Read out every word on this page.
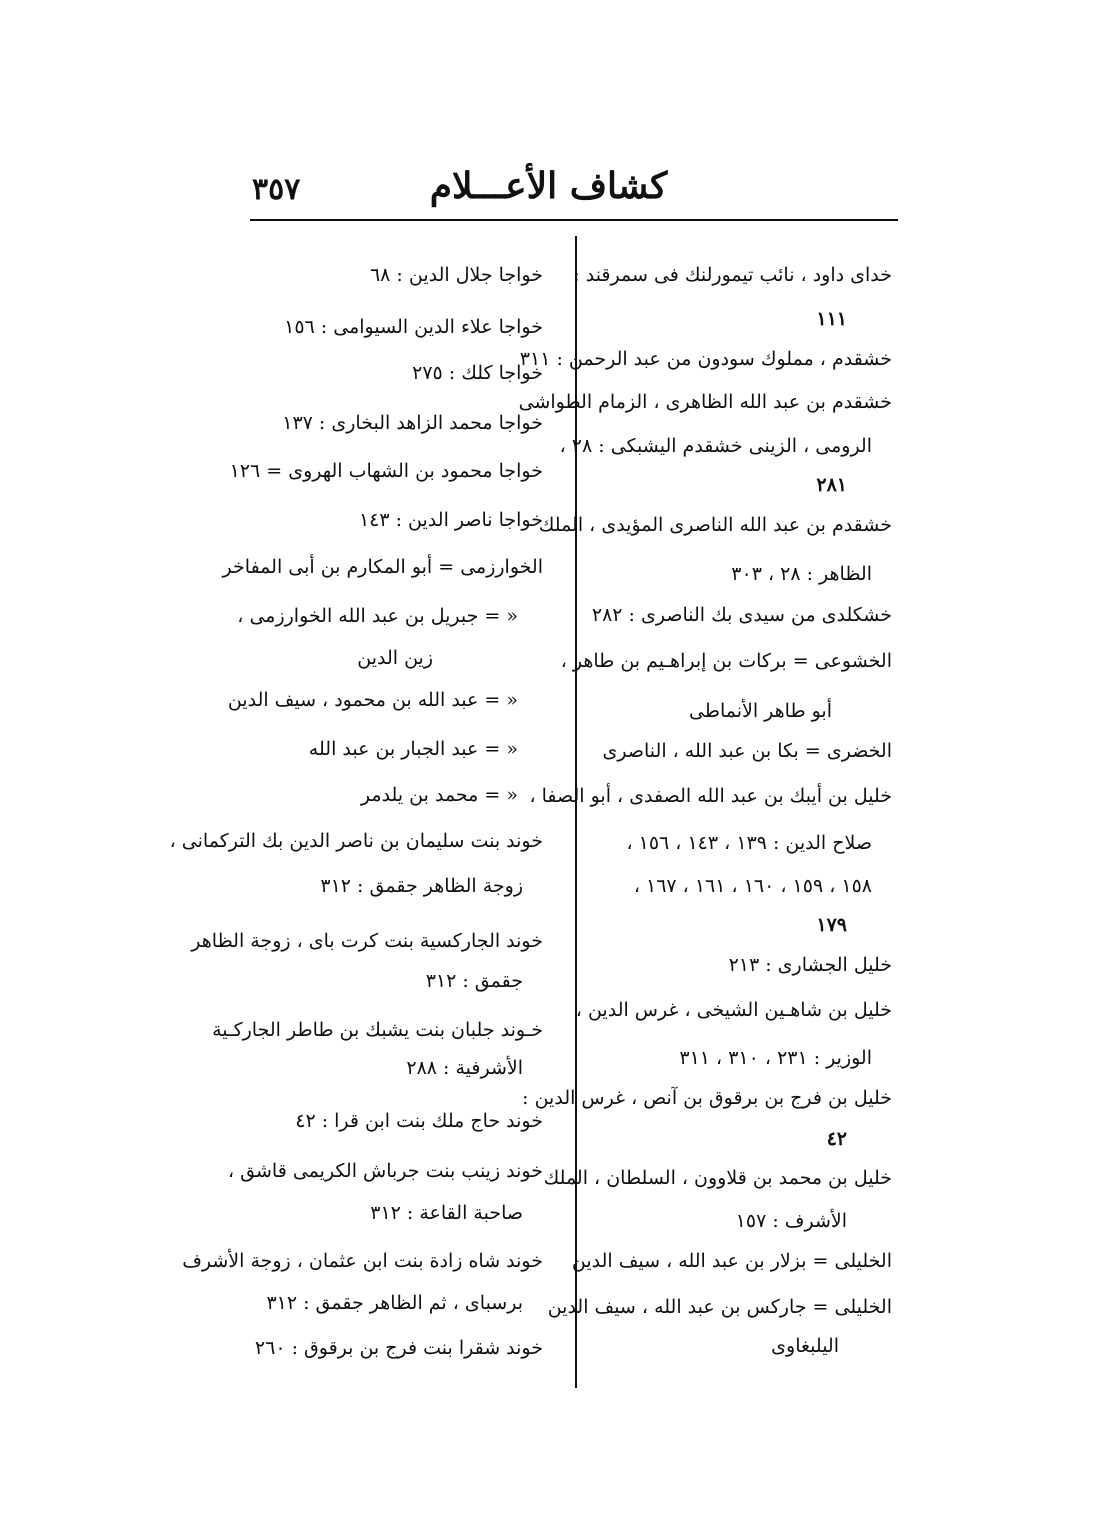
كشاف الأعـــلام
٣٥٧
خداى داود ، نائب تيمورلنك فى سمرقند :
١١١
خشقدم ، مملوك سودون من عبد الرحمن : ٣١١
خشقدم بن عبد الله الظاهرى ، الزمام الطواشى
الرومى ، الزينى خشقدم اليشبكى : ٢٨ ،
٢٨١
خشقدم بن عبد الله الناصرى المؤيدى ، الملك
الظاهر : ٢٨ ، ٣٠٣
خشكلدى من سيدى بك الناصرى : ٢٨٢
الخشوعى = بركات بن إبراهـيم بن طاهر ،
أبو طاهر الأنماطى
الخضرى = بكا بن عبد الله ، الناصرى
خليل بن أيبك بن عبد الله الصفدى ، أبو الصفا ،
صلاح الدين : ١٣٩ ، ١٤٣ ، ١٥٦ ،
١٥٨ ، ١٥٩ ، ١٦٠ ، ١٦١ ، ١٦٧ ،
١٧٩
خليل الجشارى : ٢١٣
خليل بن شاهـين الشيخى ، غرس الدين ،
الوزير : ٢٣١ ، ٣١٠ ، ٣١١
خليل بن فرج بن برقوق بن آنص ، غرس الدين :
٤٢
خليل بن محمد بن قلاوون ، السلطان ، الملك
الأشرف : ١٥٧
الخليلى = بزلار بن عبد الله ، سيف الدين
الخليلى = جاركس بن عبد الله ، سيف الدين
اليلبغاوى
خواجا جلال الدين : ٦٨
خواجا علاء الدين السيوامى : ١٥٦
خواجا كلك : ٢٧٥
خواجا محمد الزاهد البخارى : ١٣٧
خواجا محمود بن الشهاب الهروى = ١٢٦
خواجا ناصر الدين : ١٤٣
الخوارزمى = أبو المكارم بن أبى المفاخر
« = جبريل بن عبد الله الخوارزمى ،
زين الدين
« = عبد الله بن محمود ، سيف الدين
« = عبد الجبار بن عبد الله
« = محمد بن يلدمر
خوند بنت سليمان بن ناصر الدين بك التركمانى ،
زوجة الظاهر جقمق : ٣١٢
خوند الجاركسية بنت كرت باى ، زوجة الظاهر
جقمق : ٣١٢
خـوند جلبان بنت يشبك بن طاطر الجاركـية
الأشرفية : ٢٨٨
خوند حاج ملك بنت ابن قرا : ٤٢
خوند زينب بنت جرباش الكريمى قاشق ،
صاحبة القاعة : ٣١٢
خوند شاه زادة بنت ابن عثمان ، زوجة الأشرف
برسباى ، ثم الظاهر جقمق : ٣١٢
خوند شقرا بنت فرج بن برقوق : ٢٦٠
